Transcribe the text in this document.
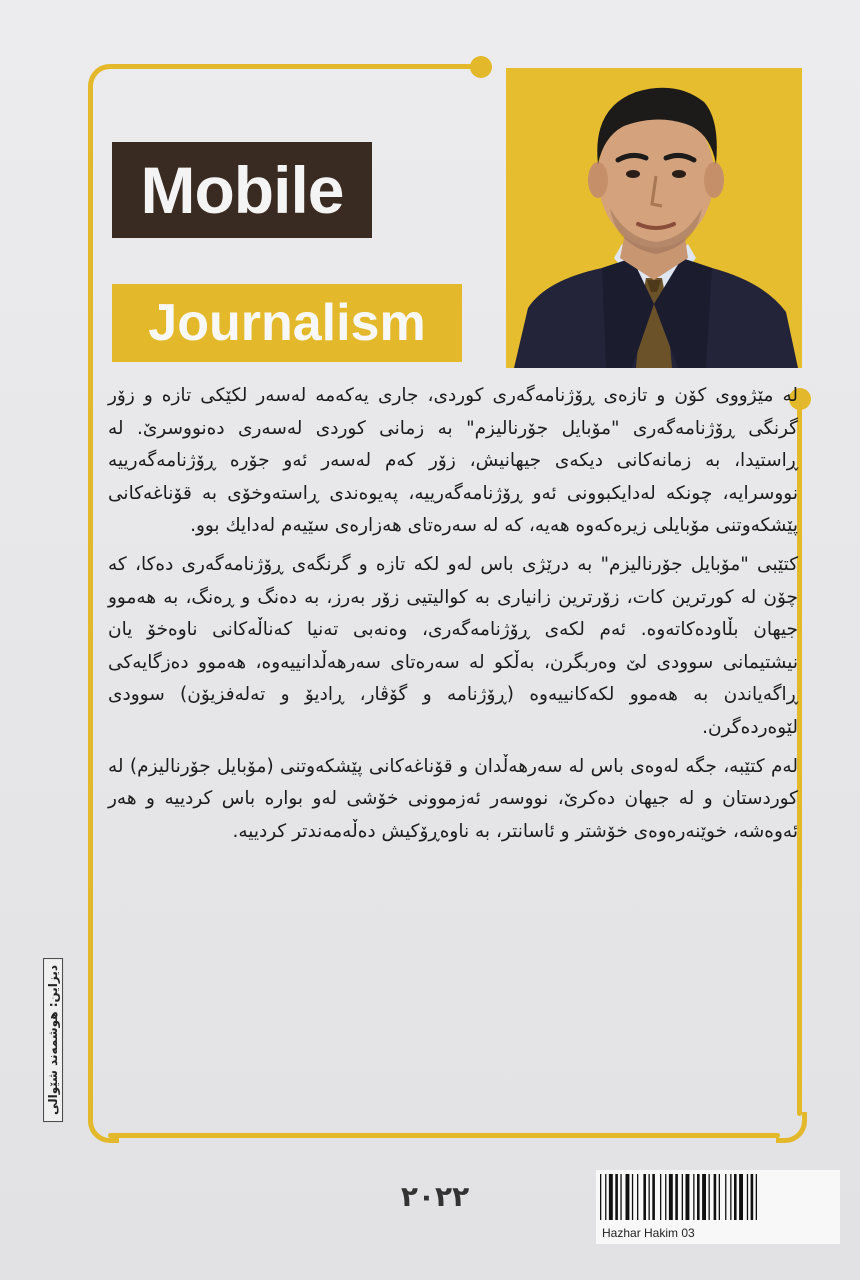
Mobile
Journalism

لە مێژووی کۆن و تازەی ڕۆژنامەگەری کوردی، جاری یەکەمە لەسەر لکێکی تازە و زۆر گرنگی ڕۆژنامەگەری "مۆبایل جۆرنالیزم" بە زمانی کوردی لەسەری دەنووسرێ. لە ڕاستیدا، بە زمانەکانی دیکەی جیهانیش، زۆر کەم لەسەر ئەو جۆرە ڕۆژنامەگەرییە نووسرایە، چونکە لەدایکبوونی ئەو ڕۆژنامەگەرییە، پەیوەندی ڕاستەوخۆی بە قۆناغەکانی پێشکەوتنی مۆبایلی زیرەکەوە هەیە، کە لە سەرەتای هەزارەی سێیەم لەدایك بوو.

کتێبی "مۆبایل جۆرنالیزم" بە درێژی باس لەو لکە تازە و گرنگەی ڕۆژنامەگەری دەکا، کە چۆن لە کورترین کات، زۆرترین زانیاری بە کوالیتیی زۆر بەرز، بە دەنگ و ڕەنگ، بە هەموو جیهان بڵاودەکاتەوە. ئەم لکەی ڕۆژنامەگەری، وەنەبی تەنیا کەناڵەکانی ناوەخۆ یان نیشتیمانی سوودی لێ وەربگرن، بەڵکو لە سەرەتای سەرهەڵدانییەوە، هەموو دەزگایەکی ڕاگەیاندن بە هەموو لکەکانییەوە (ڕۆژنامە و گۆڤار، ڕادیۆ و تەلەفزیۆن) سوودی لێوەردەگرن.

لەم کتێبە، جگە لەوەی باس لە سەرهەڵدان و قۆناغەکانی پێشکەوتنی (مۆبایل جۆرنالیزم) لە کوردستان و لە جیهان دەکرێ، نووسەر ئەزموونی خۆشی لەو بوارە باس کردییە و هەر ئەوەشە، خوێنەرەوەی خۆشتر و ئاسانتر، بە ناوەڕۆکیش دەڵەمەندتر کردییە.

دیزاین: هوشمەند شێوالی
٢٠٢٢
Hazhar Hakim 03
